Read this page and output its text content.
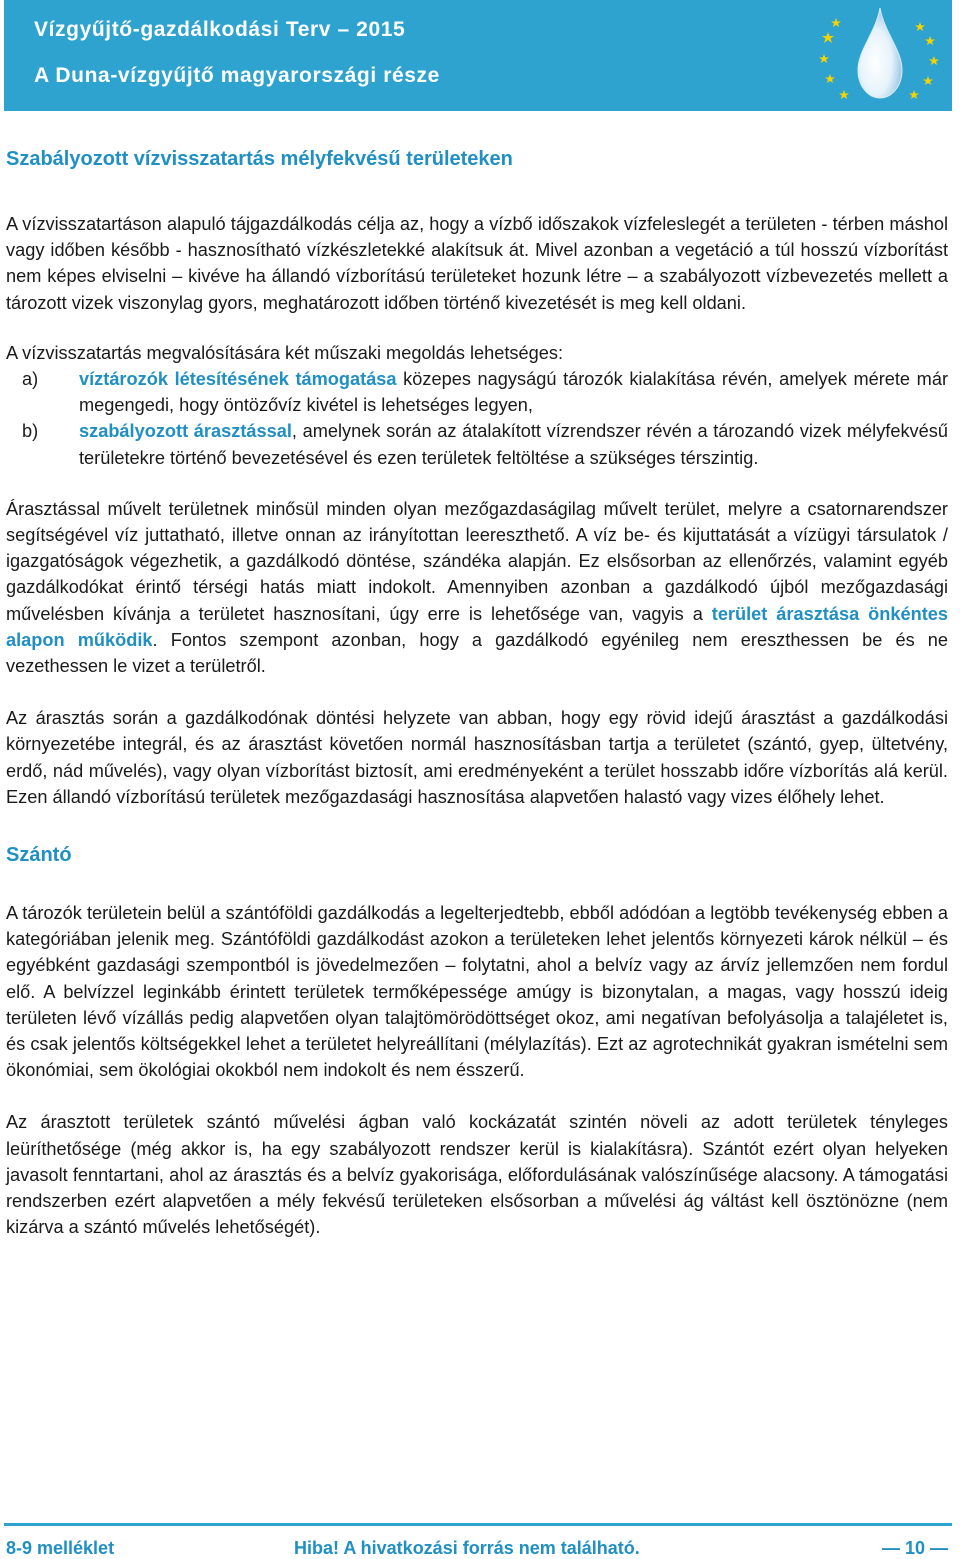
Vízgyűjtő-gazdálkodási Terv – 2015
A Duna-vízgyűjtő magyarországi része
Szabályozott vízvisszatartás mélyfekvésű területeken

A vízvisszatartáson alapuló tájgazdálkodás célja az, hogy a vízbő időszakok vízfeleslegét a területen - térben máshol vagy időben később - hasznosítható vízkészletekké alakítsuk át. Mivel azonban a vegetáció a túl hosszú vízborítást nem képes elviselni – kivéve ha állandó vízborítású területeket hozunk létre – a szabályozott vízbevezetés mellett a tározott vizek viszonylag gyors, meghatározott időben történő kivezetését is meg kell oldani.

A vízvisszatartás megvalósítására két műszaki megoldás lehetséges:

a) víztározók létesítésének támogatása közepes nagyságú tározók kialakítása révén, amelyek mérete már megengedi, hogy öntözővíz kivétel is lehetséges legyen,
b) szabályozott árasztással, amelynek során az átalakított vízrendszer révén a tározandó vizek mélyfekvésű területekre történő bevezetésével és ezen területek feltöltése a szükséges térszintig.

Árasztással művelt területnek minősül minden olyan mezőgazdaságilag művelt terület, melyre a csatornarendszer segítségével víz juttatható, illetve onnan az irányítottan leereszthető. A víz be- és kijuttatását a vízügyi társulatok / igazgatóságok végezhetik, a gazdálkodó döntése, szándéka alapján. Ez elsősorban az ellenőrzés, valamint egyéb gazdálkodókat érintő térségi hatás miatt indokolt. Amennyiben azonban a gazdálkodó újból mezőgazdasági művelésben kívánja a területet hasznosítani, úgy erre is lehetősége van, vagyis a terület árasztása önkéntes alapon működik. Fontos szempont azonban, hogy a gazdálkodó egyénileg nem ereszthessen be és ne vezethessen le vizet a területről.

Az árasztás során a gazdálkodónak döntési helyzete van abban, hogy egy rövid idejű árasztást a gazdálkodási környezetébe integrál, és az árasztást követően normál hasznosításban tartja a területet (szántó, gyep, ültetvény, erdő, nád művelés), vagy olyan vízborítást biztosít, ami eredményeként a terület hosszabb időre vízborítás alá kerül. Ezen állandó vízborítású területek mezőgazdasági hasznosítása alapvetően halastó vagy vizes élőhely lehet.

Szántó

A tározók területein belül a szántóföldi gazdálkodás a legelterjedtebb, ebből adódóan a legtöbb tevékenység ebben a kategóriában jelenik meg. Szántóföldi gazdálkodást azokon a területeken lehet jelentős környezeti károk nélkül – és egyébként gazdasági szempontból is jövedelmezően – folytatni, ahol a belvíz vagy az árvíz jellemzően nem fordul elő. A belvízzel leginkább érintett területek termőképessége amúgy is bizonytalan, a magas, vagy hosszú ideig területen lévő vízállás pedig alapvetően olyan talajtömörödöttséget okoz, ami negatívan befolyásolja a talajéletet is, és csak jelentős költségekkel lehet a területet helyreállítani (mélylazítás). Ezt az agrotechnikát gyakran ismételni sem ökonómiai, sem ökológiai okokból nem indokolt és nem ésszerű.

Az árasztott területek szántó művelési ágban való kockázatát szintén növeli az adott területek tényleges leüríthetősége (még akkor is, ha egy szabályozott rendszer kerül is kialakításra). Szántót ezért olyan helyeken javasolt fenntartani, ahol az árasztás és a belvíz gyakorisága, előfordulásának valószínűsége alacsony. A támogatási rendszerben ezért alapvetően a mély fekvésű területeken elsősorban a művelési ág váltást kell ösztönözne (nem kizárva a szántó művelés lehetőségét).

8-9 melléklet	Hiba! A hivatkozási forrás nem található.	— 10 —
